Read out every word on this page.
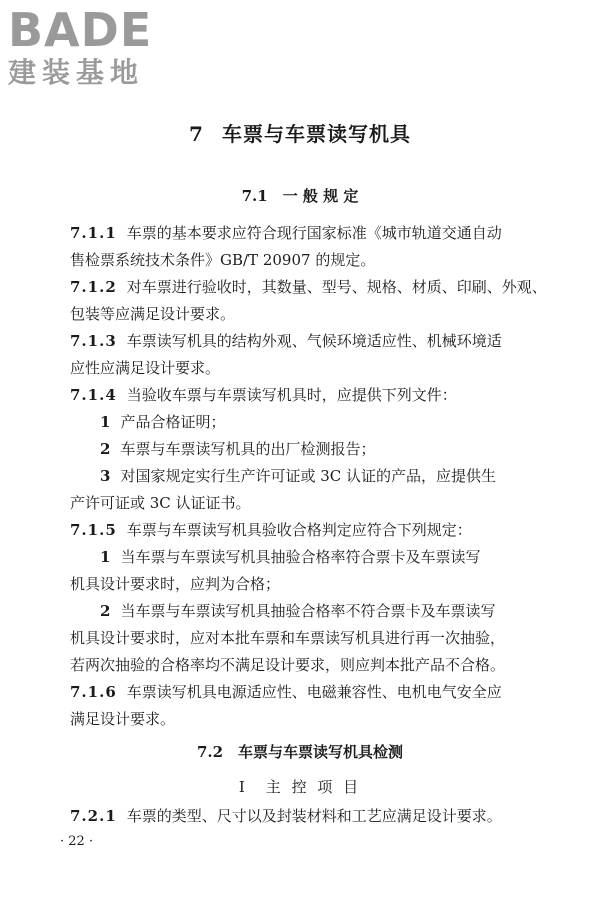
BADE
建装基地
7 车票与车票读写机具
7.1　一 般 规 定
7.1.1 车票的基本要求应符合现行国家标准《城市轨道交通自动
售检票系统技术条件》GB/T 20907 的规定。
7.1.2 对车票进行验收时，其数量、型号、规格、材质、印刷、外观、
包装等应满足设计要求。
7.1.3 车票读写机具的结构外观、气候环境适应性、机械环境适
应性应满足设计要求。
7.1.4 当验收车票与车票读写机具时，应提供下列文件：
1 产品合格证明；
2 车票与车票读写机具的出厂检测报告；
3 对国家规定实行生产许可证或 3C 认证的产品，应提供生
产许可证或 3C 认证证书。
7.1.5 车票与车票读写机具验收合格判定应符合下列规定：
1 当车票与车票读写机具抽验合格率符合票卡及车票读写
机具设计要求时，应判为合格；
2 当车票与车票读写机具抽验合格率不符合票卡及车票读写
机具设计要求时，应对本批车票和车票读写机具进行再一次抽验，
若两次抽验的合格率均不满足设计要求，则应判本批产品不合格。
7.1.6 车票读写机具电源适应性、电磁兼容性、电机电气安全应
满足设计要求。
7.2　车票与车票读写机具检测
Ⅰ　主 控 项 目
7.2.1 车票的类型、尺寸以及封装材料和工艺应满足设计要求。
· 22 ·
